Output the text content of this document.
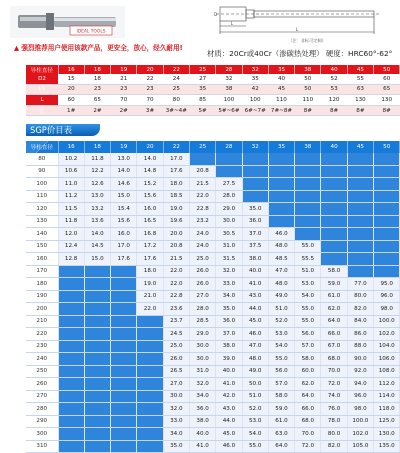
IDEAL TOOLS
L
L
D
（注：非标可定制）
▲ 强烈推荐用户使用该款产品，更安全，放心，经久耐用!
材质：20Cr或40Cr（渗碳热处理） 硬度：HRC60°-62°
导柱直径	16	18	19	20	22	25	28	32	35	38	40	45	50
D2	15	18	21	22	24	27	32	35	40	50	52	55	60
L1	20	23	23	23	25	35	38	42	45	50	53	63	65
L	60	65	70	70	80	85	100	100	110	110	120	130	130
孔	1#	2#	2#	3#	3#~4#	5#	5#~6#	6#~7#	7#~8#	8#	8#	8#	8#
SGP价目表
导柱直径	16	18	19	20	22	25	28	32	35	38	40	45	50
80	10.2	11.8	13.0	14.0	17.0								
90	10.6	12.2	14.0	14.8	17.6	20.8							
100	11.0	12.6	14.6	15.2	18.0	21.5	27.5						
110	11.2	13.0	15.0	15.6	18.5	22.0	28.0						
120	11.5	13.2	15.4	16.0	19.0	22.8	29.0	35.0					
130	11.8	13.6	15.6	16.5	19.6	23.2	30.0	36.0					
140	12.0	14.0	16.0	16.8	20.0	24.0	30.5	37.0	46.0				
150	12.4	14.5	17.0	17.2	20.8	24.0	31.0	37.5	48.0	55.0			
160	12.8	15.0	17.6	17.6	21.5	25.0	31.5	38.0	48.5	55.5			
170				18.0	22.0	26.0	32.0	40.0	47.0	51.0	58.0		
180				19.0	22.0	26.0	33.0	41.0	48.0	53.0	59.0	77.0	95.0
190				21.0	22.8	27.0	34.0	43.0	49.0	54.0	61.0	80.0	96.0
200				22.0	23.6	28.0	35.0	44.0	51.0	55.0	62.0	82.0	98.0
210					23.7	28.5	36.0	45.0	52.0	55.0	64.0	84.0	100.0
220					24.5	29.0	37.0	46.0	53.0	56.0	66.0	86.0	102.0
230					25.0	30.0	38.0	47.0	54.0	57.0	67.0	88.0	104.0
240					26.0	30.0	39.0	48.0	55.0	58.0	68.0	90.0	106.0
250					26.5	31.0	40.0	49.0	56.0	60.0	70.0	92.0	108.0
260					27.0	32.0	41.0	50.0	57.0	62.0	72.0	94.0	112.0
270					30.0	34.0	42.0	51.0	58.0	64.0	74.0	96.0	114.0
280					32.0	36.0	43.0	52.0	59.0	66.0	76.0	98.0	118.0
290					33.0	38.0	44.0	53.0	61.0	68.0	78.0	100.0	125.0
300					34.0	40.0	45.0	54.0	63.0	70.0	80.0	102.0	130.0
310					35.0	41.0	46.0	55.0	64.0	72.0	82.0	105.0	135.0
